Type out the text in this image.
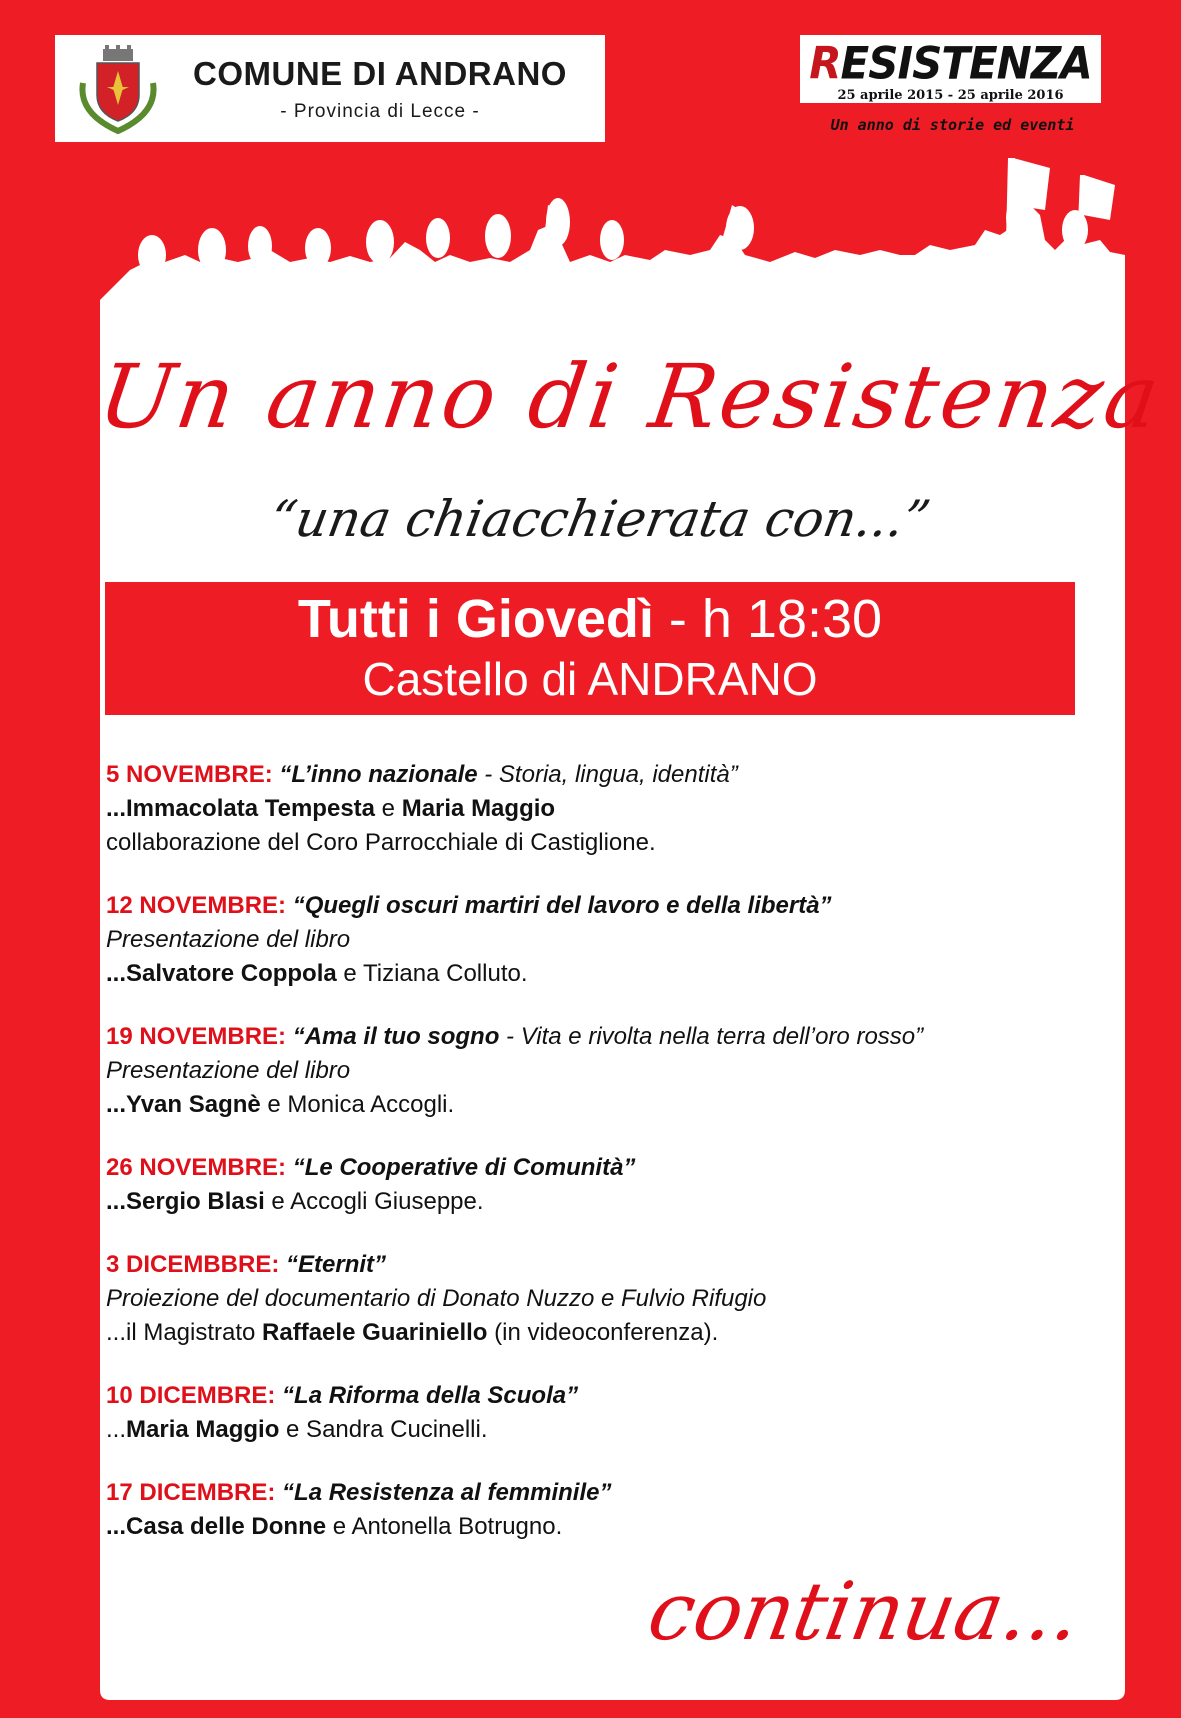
COMUNE DI ANDRANO
- Provincia di Lecce -
RESISTENZA
25 aprile 2015 - 25 aprile 2016
Un anno di storie ed eventi
Un anno di Resistenza
“una chiacchierata con...”
Tutti i Giovedì - h 18:30
Castello di ANDRANO
5 NOVEMBRE: “L’inno nazionale - Storia, lingua, identità”
...Immacolata Tempesta e Maria Maggio
collaborazione del Coro Parrocchiale di Castiglione.
12 NOVEMBRE: “Quegli oscuri martiri del lavoro e della libertà”
Presentazione del libro
...Salvatore Coppola e Tiziana Colluto.
19 NOVEMBRE: “Ama il tuo sogno - Vita e rivolta nella terra dell’oro rosso”
Presentazione del libro
...Yvan Sagnè e Monica Accogli.
26 NOVEMBRE: “Le Cooperative di Comunità”
...Sergio Blasi e Accogli Giuseppe.
3 DICEMBBRE: “Eternit”
Proiezione del documentario di Donato Nuzzo e Fulvio Rifugio
...il Magistrato Raffaele Guariniello (in videoconferenza).
10 DICEMBRE: “La Riforma della Scuola”
...Maria Maggio e Sandra Cucinelli.
17 DICEMBRE: “La Resistenza al femminile”
...Casa delle Donne e Antonella Botrugno.
continua...
